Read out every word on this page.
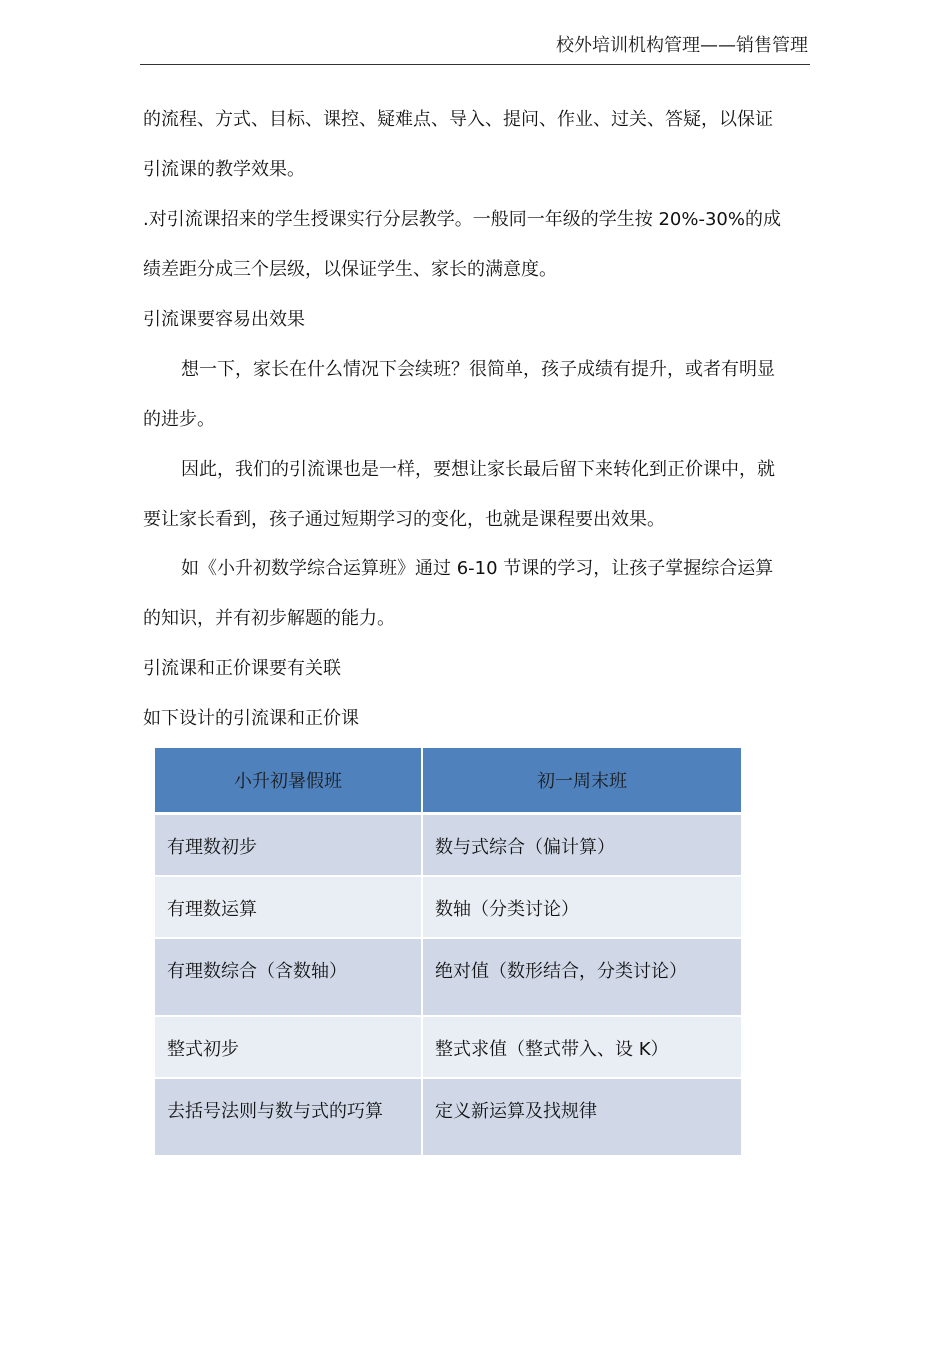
校外培训机构管理——销售管理
的流程、方式、目标、课控、疑难点、导入、提问、作业、过关、答疑，以保证
引流课的教学效果。
.对引流课招来的学生授课实行分层教学。一般同一年级的学生按 20%-30%的成
绩差距分成三个层级，以保证学生、家长的满意度。
引流课要容易出效果
想一下，家长在什么情况下会续班？很简单，孩子成绩有提升，或者有明显
的进步。
因此，我们的引流课也是一样，要想让家长最后留下来转化到正价课中，就
要让家长看到，孩子通过短期学习的变化，也就是课程要出效果。
如《小升初数学综合运算班》通过 6-10 节课的学习，让孩子掌握综合运算
的知识，并有初步解题的能力。
引流课和正价课要有关联
如下设计的引流课和正价课
小升初暑假班	初一周末班
有理数初步	数与式综合（偏计算）
有理数运算	数轴（分类讨论）
有理数综合（含数轴）	绝对值（数形结合，分类讨论）
整式初步	整式求值（整式带入、设 K）
去括号法则与数与式的巧算	定义新运算及找规律
